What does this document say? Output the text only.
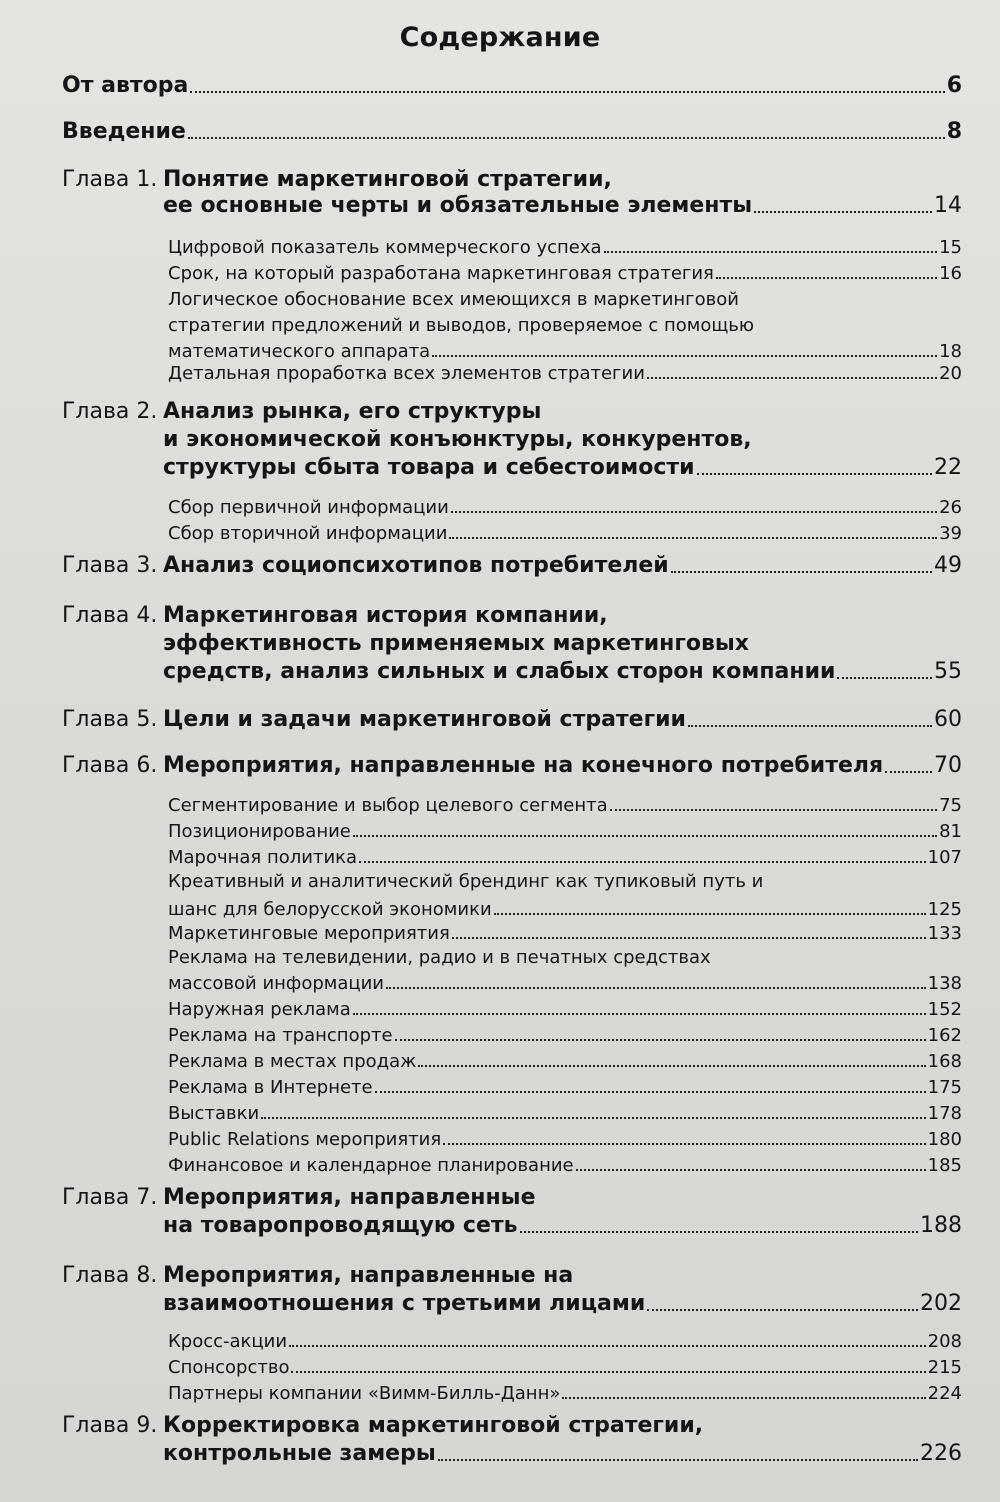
Содержание
От автора	6
Введение	8
Глава 1. Понятие маркетинговой стратегии,
ее основные черты и обязательные элементы	14
Цифровой показатель коммерческого успеха	15
Срок, на который разработана маркетинговая стратегия	16
Логическое обоснование всех имеющихся в маркетинговой
стратегии предложений и выводов, проверяемое с помощью
математического аппарата	18
Детальная проработка всех элементов стратегии	20
Глава 2. Анализ рынка, его структуры
и экономической конъюнктуры, конкурентов,
структуры сбыта товара и себестоимости	22
Сбор первичной информации	26
Сбор вторичной информации	39
Глава 3. Анализ социопсихотипов потребителей	49
Глава 4. Маркетинговая история компании,
эффективность применяемых маркетинговых
средств, анализ сильных и слабых сторон компании	55
Глава 5. Цели и задачи маркетинговой стратегии	60
Глава 6. Мероприятия, направленные на конечного потребителя 70
Сегментирование и выбор целевого сегмента	75
Позиционирование	81
Марочная политика	107
Креативный и аналитический брендинг как тупиковый путь и
шанс для белорусской экономики	125
Маркетинговые мероприятия	133
Реклама на телевидении, радио и в печатных средствах
массовой информации	138
Наружная реклама	152
Реклама на транспорте	162
Реклама в местах продаж	168
Реклама в Интернете	175
Выставки	178
Public Relations мероприятия	180
Финансовое и календарное планирование	185
Глава 7. Мероприятия, направленные
на товаропроводящую сеть	188
Глава 8. Мероприятия, направленные на
взаимоотношения с третьими лицами	202
Кросс-акции	208
Спонсорство	215
Партнеры компании «Вимм-Билль-Данн»	224
Глава 9. Корректировка маркетинговой стратегии,
контрольные замеры	226
